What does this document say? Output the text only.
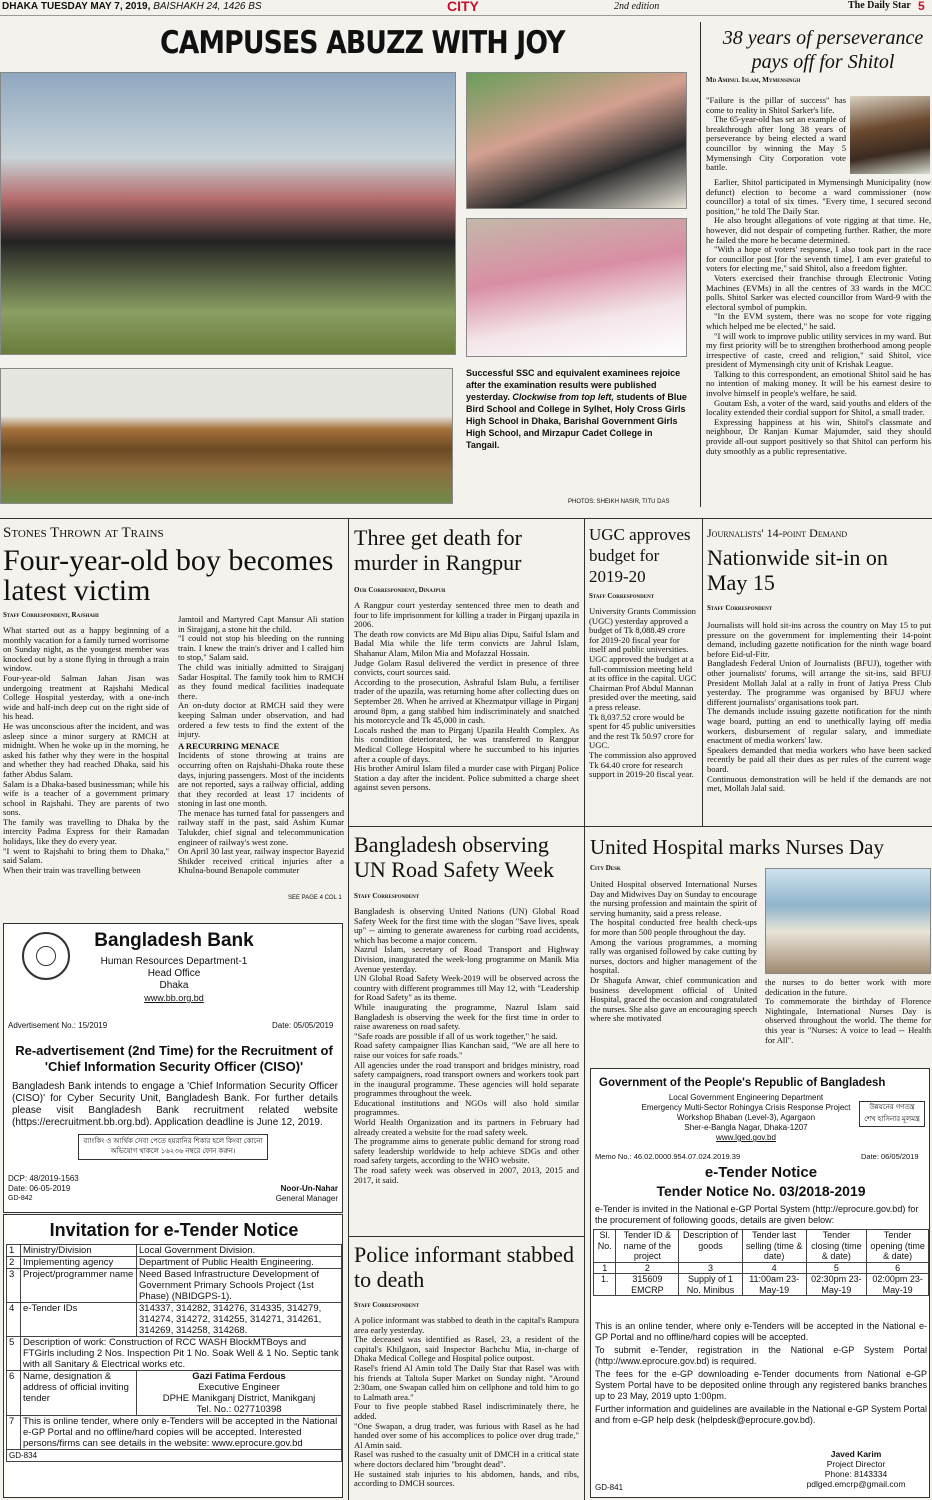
DHAKA TUESDAY MAY 7, 2019, BAISHAKH 24, 1426 BS	CITY	2nd edition	The Daily Star 5
CAMPUSES ABUZZ WITH JOY
Successful SSC and equivalent examinees rejoice after the examination results were published yesterday. Clockwise from top left, students of Blue Bird School and College in Sylhet, Holy Cross Girls High School in Dhaka, Barishal Government Girls High School, and Mirzapur Cadet College in Tangail.
PHOTOS: SHEIKH NASIR, TITU DAS
38 years of perseverance pays off for Shitol
Md Aminul Islam, Mymensingh

"Failure is the pillar of success" has come to reality in Shitol Sarker's life.

The 65-year-old has set an example of breakthrough after long 38 years of perseverance by being elected a ward councillor by winning the May 5 Mymensingh City Corporation vote battle.

Earlier, Shitol participated in Mymensingh Municipality (now defunct) election to become a ward commissioner (now councillor) a total of six times. "Every time, I secured second position," he told The Daily Star.

He also brought allegations of vote rigging at that time. He, however, did not despair of competing further. Rather, the more he failed the more he became determined.

"With a hope of voters' response, I also took part in the race for councillor post [for the seventh time]. I am ever grateful to voters for electing me," said Shitol, also a freedom fighter.

Voters exercised their franchise through Electronic Voting Machines (EVMs) in all the centres of 33 wards in the MCC polls. Shitol Sarker was elected councillor from Ward-9 with the electoral symbol of pumpkin.

"In the EVM system, there was no scope for vote rigging which helped me be elected," he said.

"I will work to improve public utility services in my ward. But my first priority will be to strengthen brotherhood among people irrespective of caste, creed and religion," said Shitol, vice president of Mymensingh city unit of Krishak League.

Talking to this correspondent, an emotional Shitol said he has no intention of making money. It will be his earnest desire to involve himself in people's welfare, he said.

Goutam Esh, a voter of the ward, said youths and elders of the locality extended their cordial support for Shitol, a small trader.

Expressing happiness at his win, Shitol's classmate and neighbour, Dr Ranjan Kumar Majumder, said they should provide all-out support positively so that Shitol can perform his duty smoothly as a public representative.

Stones Thrown at Trains
Four-year-old boy becomes latest victim
Staff Correspondent, Rajshahi
What started out as a happy beginning of a monthly vacation for a family turned worrisome on Sunday night, as the youngest member was knocked out by a stone flying in through a train window.
Four-year-old Salman Jahan Jisan was undergoing treatment at Rajshahi Medical College Hospital yesterday, with a one-inch wide and half-inch deep cut on the right side of his head.
He was unconscious after the incident, and was asleep since a minor surgery at RMCH at midnight. When he woke up in the morning, he asked his father why they were in the hospital and whether they had reached Dhaka, said his father Abdus Salam.
Salam is a Dhaka-based businessman; while his wife is a teacher of a government primary school in Rajshahi. They are parents of two sons.
The family was travelling to Dhaka by the intercity Padma Express for their Ramadan holidays, like they do every year.
"I went to Rajshahi to bring them to Dhaka," said Salam.
When their train was travelling between
Jamtoil and Martyred Capt Mansur Ali station in Sirajganj, a stone hit the child.
"I could not stop his bleeding on the running train. I knew the train's driver and I called him to stop," Salam said.
The child was initially admitted to Sirajganj Sadar Hospital. The family took him to RMCH as they found medical facilities inadequate there.
An on-duty doctor at RMCH said they were keeping Salman under observation, and had ordered a few tests to find the extent of the injury.
A RECURRING MENACE
Incidents of stone throwing at trains are occurring often on Rajshahi-Dhaka route these days, injuring passengers. Most of the incidents are not reported, says a railway official, adding that they recorded at least 17 incidents of stoning in last one month.
The menace has turned fatal for passengers and railway staff in the past, said Ashim Kumar Talukder, chief signal and telecommunication engineer of railway's west zone.
On April 30 last year, railway inspector Bayezid Shikder received critical injuries after a Khulna-bound Benapole commuter
SEE PAGE 4 COL 1
Three get death for murder in Rangpur
Our Correspondent, Dinajpur
A Rangpur court yesterday sentenced three men to death and four to life imprisonment for killing a trader in Pirganj upazila in 2006.
The death row convicts are Md Bipu alias Dipu, Saiful Islam and Badal Mia while the life term convicts are Jahrul Islam, Shahanur Alam, Milon Mia and Mofazzal Hossain.
Judge Golam Rasul delivered the verdict in presence of three convicts, court sources said.
According to the prosecution, Ashraful Islam Bulu, a fertiliser trader of the upazila, was returning home after collecting dues on September 28. When he arrived at Khezmatpur village in Pirganj around 8pm, a gang stabbed him indiscriminately and snatched his motorcycle and Tk 45,000 in cash.
Locals rushed the man to Pirganj Upazila Health Complex. As his condition deteriorated, he was transferred to Rangpur Medical College Hospital where he succumbed to his injuries after a couple of days.
His brother Amirul Islam filed a murder case with Pirganj Police Station a day after the incident. Police submitted a charge sheet against seven persons.
UGC approves budget for 2019-20
Staff Correspondent
University Grants Commission (UGC) yesterday approved a budget of Tk 8,088.49 crore for 2019-20 fiscal year for itself and public universities.
UGC approved the budget at a full-commission meeting held at its office in the capital. UGC Chairman Prof Abdul Mannan presided over the meeting, said a press release.
Tk 8,037.52 crore would be spent for 45 public universities and the rest Tk 50.97 crore for UGC.
The commission also approved Tk 64.40 crore for research support in 2019-20 fiscal year.
Journalists' 14-point Demand
Nationwide sit-in on May 15
Staff Correspondent
Journalists will hold sit-ins across the country on May 15 to put pressure on the government for implementing their 14-point demand, including gazette notification for the ninth wage board before Eid-ul-Fitr.
Bangladesh Federal Union of Journalists (BFUJ), together with other journalists' forums, will arrange the sit-ins, said BFUJ President Mollah Jalal at a rally in front of Jatiya Press Club yesterday. The programme was organised by BFUJ where different journalists' organisations took part.
The demands include issuing gazette notification for the ninth wage board, putting an end to unethically laying off media workers, disbursement of regular salary, and immediate enactment of media workers' law.
Speakers demanded that media workers who have been sacked recently be paid all their dues as per rules of the current wage board.
Continuous demonstration will be held if the demands are not met, Mollah Jalal said.
Bangladesh observing UN Road Safety Week
Staff Correspondent
Bangladesh is observing United Nations (UN) Global Road Safety Week for the first time with the slogan "Save lives, speak up" -- aiming to generate awareness for curbing road accidents, which has become a major concern.
Nazrul Islam, secretary of Road Transport and Highway Division, inaugurated the week-long programme on Manik Mia Avenue yesterday.
UN Global Road Safety Week-2019 will be observed across the country with different programmes till May 12, with "Leadership for Road Safety" as its theme.
While inaugurating the programme, Nazrul Islam said Bangladesh is observing the week for the first time in order to raise awareness on road safety.
"Safe roads are possible if all of us work together," he said.
Road safety campaigner Ilias Kanchan said, "We are all here to raise our voices for safe roads."
All agencies under the road transport and bridges ministry, road safety campaigners, road transport owners and workers took part in the inaugural programme. These agencies will hold separate programmes throughout the week.
Educational institutions and NGOs will also hold similar programmes.
World Health Organization and its partners in February had already created a website for the road safety week.
The programme aims to generate public demand for strong road safety leadership worldwide to help achieve SDGs and other road safety targets, according to the WHO website.
The road safety week was observed in 2007, 2013, 2015 and 2017, it said.
Police informant stabbed to death
Staff Correspondent
A police informant was stabbed to death in the capital's Rampura area early yesterday.
The deceased was identified as Rasel, 23, a resident of the capital's Khilgaon, said Inspector Bachchu Mia, in-charge of Dhaka Medical College and Hospital police outpost.
Rasel's friend Al Amin told The Daily Star that Rasel was with his friends at Taltola Super Market on Sunday night. "Around 2:30am, one Swapan called him on cellphone and told him to go to Lalmath area."
Four to five people stabbed Rasel indiscriminately there, he added.
"One Swapan, a drug trader, was furious with Rasel as he had handed over some of his accomplices to police over drug trade," Al Amin said.
Rasel was rushed to the casualty unit of DMCH in a critical state where doctors declared him "brought dead".
He sustained stab injuries to his abdomen, hands, and ribs, according to DMCH sources.
United Hospital marks Nurses Day
City Desk
United Hospital observed International Nurses Day and Midwives Day on Sunday to encourage the nursing profession and maintain the spirit of serving humanity, said a press release.
The hospital conducted free health check-ups for more than 500 people throughout the day.
Among the various programmes, a morning rally was organised followed by cake cutting by nurses, doctors and higher management of the hospital.
Dr Shagufa Anwar, chief communication and business development official of United Hospital, graced the occasion and congratulated the nurses. She also gave an encouraging speech where she motivated
the nurses to do better work with more dedication in the future.
To commemorate the birthday of Florence Nightingale, International Nurses Day is observed throughout the world. The theme for this year is "Nurses: A voice to lead -- Health for All".
Bangladesh Bank
Human Resources Department-1
Head Office
Dhaka
www.bb.org.bd
Advertisement No.: 15/2019	Date: 05/05/2019
Re-advertisement (2nd Time) for the Recruitment of
'Chief Information Security Officer (CISO)'
Bangladesh Bank intends to engage a 'Chief Information Security Officer (CISO)' for Cyber Security Unit, Bangladesh Bank. For further details please visit Bangladesh Bank recruitment related website (https://erecruitment.bb.org.bd). Application deadline is June 12, 2019.
ব্যাংকিং ও আর্থিক সেবা পেতে হয়রানির শিকার হলে কিংবা কোনো অভিযোগ থাকলে ১৬২৩৬ নম্বরে ফোন করুন।
DCP: 48/2019-1563
Date: 06-05-2019
GD-842
Noor-Un-Nahar
General Manager
Invitation for e-Tender Notice
1	Ministry/Division	Local Government Division.
2	Implementing agency	Department of Public Health Engineering.
3	Project/programmer name	Need Based Infrastructure Development of Government Primary Schools Project (1st Phase) (NBIDGPS-1).
4	e-Tender IDs	314337, 314282, 314276, 314335, 314279, 314274, 314272, 314255, 314271, 314261, 314269, 314258, 314268.
5	Description of work: Construction of RCC WASH BlockMTBoys and FTGirls including 2 Nos. Inspection Pit 1 No. Soak Well & 1 No. Septic tank with all Sanitary & Electrical works etc.	
6	Name, designation & address of official inviting tender	Gazi Fatima Ferdous
Executive Engineer
DPHE Manikganj District, Manikganj
Tel. No.: 027710398
7	This is online tender, where only e-Tenders will be accepted in the National e-GP Portal and no offline/hard copies will be accepted. Interested persons/firms can see details in the website: www.eprocure.gov.bd	
GD-834		
Government of the People's Republic of Bangladesh
Local Government Engineering Department
Emergency Multi-Sector Rohingya Crisis Response Project
Workshop Bhaban (Level-3), Agargaon
Sher-e-Bangla Nagar, Dhaka-1207
www.lged.gov.bd
উন্নয়নের গণতন্ত্র
শেখ হাসিনার মূলমন্ত্র
Memo No.: 46.02.0000.954.07.024.2019.39	Date: 06/05/2019
e-Tender Notice
Tender Notice No. 03/2018-2019
e-Tender is invited in the National e-GP Portal System (http://eprocure.gov.bd) for the procurement of following goods, details are given below:
Sl. No.	Tender ID & name of the project	Description of goods	Tender last selling (time & date)	Tender closing (time & date)	Tender opening (time & date)
1	2	3	4	5	6
1.	315609 EMCRP	Supply of 1 No. Minibus	11:00am 23-May-19	02:30pm 23-May-19	02:00pm 23-May-19

This is an online tender, where only e-Tenders will be accepted in the National e-GP Portal and no offline/hard copies will be accepted.

To submit e-Tender, registration in the National e-GP System Portal (http://www.eprocure.gov.bd) is required.

The fees for the e-GP downloading e-Tender documents from National e-GP System Portal have to be deposited online through any registered banks branches up to 23 May, 2019 upto 1:00pm.

Further information and guidelines are available in the National e-GP System Portal and from e-GP help desk (helpdesk@eprocure.gov.bd).

Javed Karim
Project Director
Phone: 8143334
pdlged.emcrp@gmail.com
GD-841
